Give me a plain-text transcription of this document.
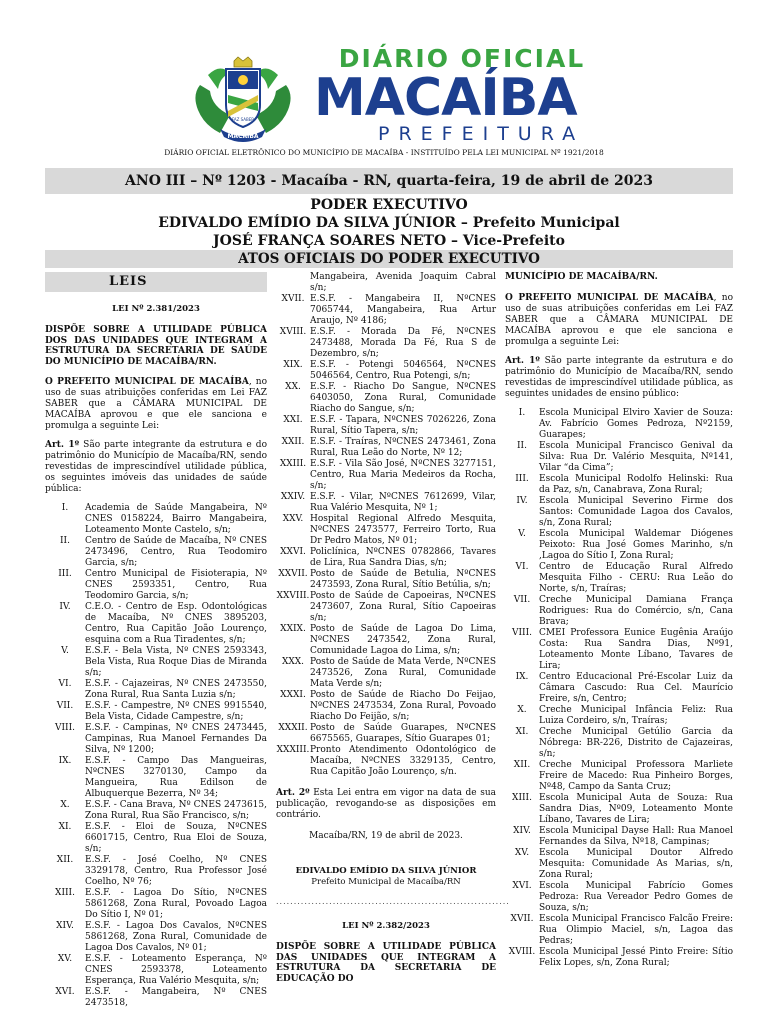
MACAÍBA
FAZ SABER
DIÁRIO OFICIAL
MACAÍBA
PREFEITURA
DIÁRIO OFICIAL ELETRÔNICO DO MUNICÍPIO DE MACAÍBA - INSTITUÍDO PELA LEI MUNICIPAL Nº 1921/2018
ANO III – Nº 1203 - Macaíba - RN, quarta-feira, 19 de abril de 2023
PODER EXECUTIVO
EDIVALDO EMÍDIO DA SILVA JÚNIOR – Prefeito Municipal
JOSÉ FRANÇA SOARES NETO – Vice-Prefeito
ATOS OFICIAIS DO PODER EXECUTIVO
LEIS
LEI Nº 2.381/2023
DISPÕE SOBRE A UTILIDADE PÚBLICA DOS DAS UNIDADES QUE INTEGRAM A ESTRUTURA DA SECRETARIA DE SAÚDE DO MUNICÍPIO DE MACAÍBA/RN.
O PREFEITO MUNICIPAL DE MACAÍBA, no uso de suas atribuições conferidas em Lei FAZ SABER que a CÂMARA MUNICIPAL DE MACAÍBA aprovou e que ele sanciona e promulga a seguinte Lei:
Art. 1º São parte integrante da estrutura e do patrimônio do Município de Macaíba/RN, sendo revestidas de imprescindível utilidade pública, os seguintes imóveis das unidades de saúde pública:
I.	Academia de Saúde Mangabeira, Nº CNES 0158224, Bairro Mangabeira, Loteamento Monte Castelo, s/n;
II.	Centro de Saúde de Macaíba, Nº CNES 2473496, Centro, Rua Teodomiro Garcia, s/n;
III.	Centro Municipal de Fisioterapia, Nº CNES 2593351, Centro, Rua Teodomiro Garcia, s/n;
IV.	C.E.O. - Centro de Esp. Odontológicas de Macaíba, Nº CNES 3895203, Centro, Rua Capitão João Lourenço, esquina com a Rua Tiradentes, s/n;
V.	E.S.F. - Bela Vista, Nº CNES 2593343, Bela Vista, Rua Roque Dias de Miranda s/n;
VI.	E.S.F. - Cajazeiras, Nº CNES 2473550, Zona Rural, Rua Santa Luzia s/n;
VII.	E.S.F. - Campestre, Nº CNES 9915540, Bela Vista, Cidade Campestre, s/n;
VIII.	E.S.F. - Campinas, Nº CNES 2473445, Campinas, Rua Manoel Fernandes Da Silva, Nº 1200;
IX.	E.S.F. - Campo Das Mangueiras, NºCNES 3270130, Campo da Mangueira, Rua Edilson de Albuquerque Bezerra, Nº 34;
X.	E.S.F. - Cana Brava, Nº CNES 2473615, Zona Rural, Rua São Francisco, s/n;
XI.	E.S.F. - Eloi de Souza, NºCNES 6601715, Centro, Rua Eloi de Souza, s/n;
XII.	E.S.F. - José Coelho, Nº CNES 3329178, Centro, Rua Professor José Coelho, Nº 76;
XIII.	E.S.F. - Lagoa Do Sítio, NºCNES 5861268, Zona Rural, Povoado Lagoa Do Sítio I, Nº 01;
XIV.	E.S.F. - Lagoa Dos Cavalos, NºCNES 5861268, Zona Rural, Comunidade de Lagoa Dos Cavalos, Nº 01;
XV.	E.S.F. - Loteamento Esperança, Nº CNES 2593378, Loteamento Esperança, Rua Valério Mesquita, s/n;
XVI.	E.S.F. - Mangabeira, Nº CNES 2473518,
Mangabeira, Avenida Joaquim Cabral s/n;
XVII. E.S.F. - Mangabeira II, NºCNES 7065744, Mangabeira, Rua Artur Araujo, Nº 4186;
XVIII. E.S.F. - Morada Da Fé, NºCNES 2473488, Morada Da Fé, Rua S de Dezembro, s/n;
XIX. E.S.F. - Potengi 5046564, NºCNES 5046564, Centro, Rua Potengi, s/n;
XX.	E.S.F. - Riacho Do Sangue, NºCNES 6403050, Zona Rural, Comunidade Riacho do Sangue, s/n;
XXI. E.S.F. - Tapara, NºCNES 7026226, Zona Rural, Sítio Tapera, s/n;
XXII. E.S.F. - Traíras, NºCNES 2473461, Zona Rural, Rua Leão do Norte, Nº 12;
XXIII. E.S.F. - Vila São José, NºCNES 3277151, Centro, Rua Maria Medeiros da Rocha, s/n;
XXIV. E.S.F. - Vilar, NºCNES 7612699, Vilar, Rua Valério Mesquita, Nº 1;
XXV. Hospital Regional Alfredo Mesquita, NºCNES 2473577, Ferreiro Torto, Rua Dr Pedro Matos, Nº 01;
XXVI. Policlínica, NºCNES 0782866, Tavares de Lira, Rua Sandra Dias, s/n;
XXVII. Posto de Saúde de Betulia, NºCNES 2473593, Zona Rural, Sítio Betúlia, s/n;
XXVIII. Posto de Saúde de Capoeiras, NºCNES 2473607, Zona Rural, Sítio Capoeiras s/n;
XXIX. Posto de Saúde de Lagoa Do Lima, NºCNES 2473542, Zona Rural, Comunidade Lagoa do Lima, s/n;
XXX. Posto de Saúde de Mata Verde, NºCNES 2473526, Zona Rural, Comunidade Mata Verde s/n;
XXXI. Posto de Saúde de Riacho Do Feijao, NºCNES 2473534, Zona Rural, Povoado Riacho Do Feijão, s/n;
XXXII. Posto de Saúde Guarapes, NºCNES 6675565, Guarapes, Sítio Guarapes 01;
XXXIII. Pronto Atendimento Odontológico de Macaíba, NºCNES 3329135, Centro, Rua Capitão João Lourenço, s/n.
Art. 2º Esta Lei entra em vigor na data de sua publicação, revogando-se as disposições em contrário.
Macaíba/RN, 19 de abril de 2023.
EDIVALDO EMÍDIO DA SILVA JÚNIOR
Prefeito Municipal de Macaíba/RN
..................................................................
LEI Nº 2.382/2023
DISPÕE SOBRE A UTILIDADE PÚBLICA DAS UNIDADES QUE INTEGRAM A ESTRUTURA DA SECRETARIA DE EDUCAÇÃO DO
MUNICÍPIO DE MACAÍBA/RN.
O PREFEITO MUNICIPAL DE MACAÍBA, no uso de suas atribuições conferidas em Lei FAZ SABER que a CÂMARA MUNICIPAL DE MACAÍBA aprovou e que ele sanciona e promulga a seguinte Lei:
Art. 1º São parte integrante da estrutura e do patrimônio do Município de Macaíba/RN, sendo revestidas de imprescindível utilidade pública, as seguintes unidades de ensino público:
I.	Escola Municipal Elviro Xavier de Souza: Av. Fabrício Gomes Pedroza, Nº2159, Guarapes;
II.	Escola Municipal Francisco Genival da Silva: Rua Dr. Valério Mesquita, Nº141, Vilar “da Cima”;
III.	Escola Municipal Rodolfo Helinski: Rua da Paz, s/n, Canabrava, Zona Rural;
IV.	Escola Municipal Severino Firme dos Santos: Comunidade Lagoa dos Cavalos, s/n, Zona Rural;
V.	Escola Municipal Waldemar Diógenes Peixoto: Rua José Gomes Marinho, s/n ,Lagoa do Sítio I, Zona Rural;
VI.	Centro de Educação Rural Alfredo Mesquita Filho - CERU: Rua Leão do Norte, s/n, Traíras;
VII. Creche Municipal Damiana França Rodrigues: Rua do Comércio, s/n, Cana Brava;
VIII. CMEI Professora Eunice Eugênia Araújo Costa: Rua Sandra Dias, Nº91, Loteamento Monte Líbano, Tavares de Lira;
IX.	Centro Educacional Pré-Escolar Luiz da Câmara Cascudo: Rua Cel. Maurício Freire, s/n, Centro;
X.	Creche Municipal Infância Feliz: Rua Luiza Cordeiro, s/n, Traíras;
XI.	Creche Municipal Getúlio Garcia da Nóbrega: BR-226, Distrito de Cajazeiras, s/n;
XII. Creche Municipal Professora Marliete Freire de Macedo: Rua Pinheiro Borges, Nº48, Campo da Santa Cruz;
XIII. Escola Municipal Auta de Souza: Rua Sandra Dias, Nº09, Loteamento Monte Líbano, Tavares de Lira;
XIV. Escola Municipal Dayse Hall: Rua Manoel Fernandes da Silva, Nº18, Campinas;
XV.	Escola Municipal Doutor Alfredo Mesquita: Comunidade As Marias, s/n, Zona Rural;
XVI. Escola Municipal Fabrício Gomes Pedroza: Rua Vereador Pedro Gomes de Souza, s/n;
XVII. Escola Municipal Francisco Falcão Freire: Rua Olimpio Maciel, s/n, Lagoa das Pedras;
XVIII. Escola Municipal Jessé Pinto Freire: Sítio Felix Lopes, s/n, Zona Rural;
